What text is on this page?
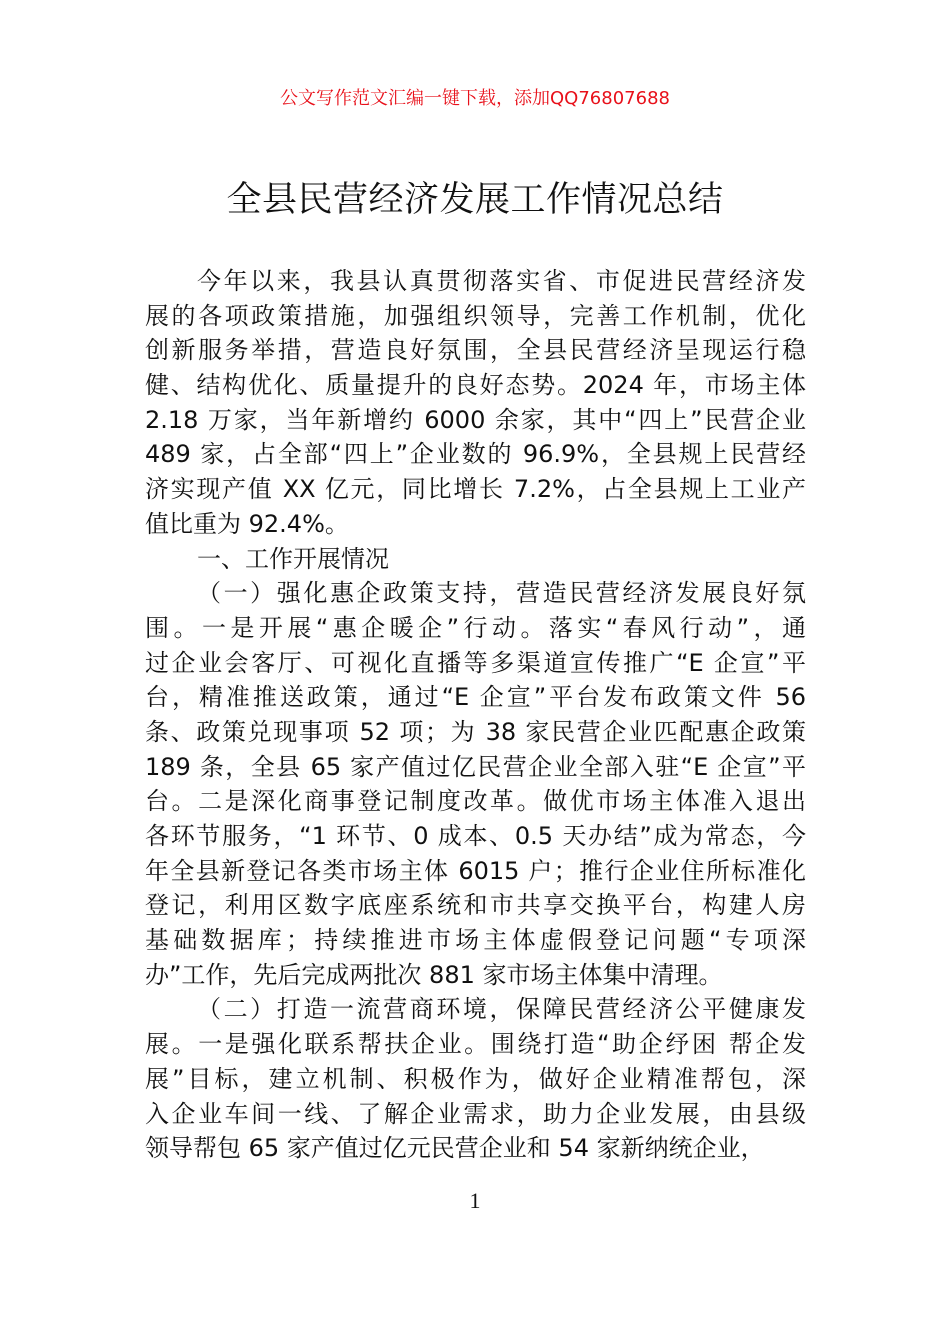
公文写作范文汇编一键下载，添加QQ76807688
全县民营经济发展工作情况总结
今年以来，我县认真贯彻落实省、市促进民营经济发
展的各项政策措施，加强组织领导，完善工作机制，优化
创新服务举措，营造良好氛围，全县民营经济呈现运行稳
健、结构优化、质量提升的良好态势。2024 年，市场主体
2.18 万家，当年新增约 6000 余家，其中“四上”民营企业
489 家，占全部“四上”企业数的 96.9%，全县规上民营经
济实现产值 XX 亿元，同比增长 7.2%，占全县规上工业产
值比重为 92.4%。
一、工作开展情况
（一）强化惠企政策支持，营造民营经济发展良好氛
围。一是开展“惠企暖企”行动。落实“春风行动”，通
过企业会客厅、可视化直播等多渠道宣传推广“E 企宣”平
台，精准推送政策，通过“E 企宣”平台发布政策文件 56
条、政策兑现事项 52 项；为 38 家民营企业匹配惠企政策
189 条，全县 65 家产值过亿民营企业全部入驻“E 企宣”平
台。二是深化商事登记制度改革。做优市场主体准入退出
各环节服务，“1 环节、0 成本、0.5 天办结”成为常态，今
年全县新登记各类市场主体 6015 户；推行企业住所标准化
登记，利用区数字底座系统和市共享交换平台，构建人房
基础数据库；持续推进市场主体虚假登记问题“专项深
办”工作，先后完成两批次 881 家市场主体集中清理。
（二）打造一流营商环境，保障民营经济公平健康发
展。一是强化联系帮扶企业。围绕打造“助企纾困 帮企发
展”目标，建立机制、积极作为，做好企业精准帮包，深
入企业车间一线、了解企业需求，助力企业发展，由县级
领导帮包 65 家产值过亿元民营企业和 54 家新纳统企业，
1
